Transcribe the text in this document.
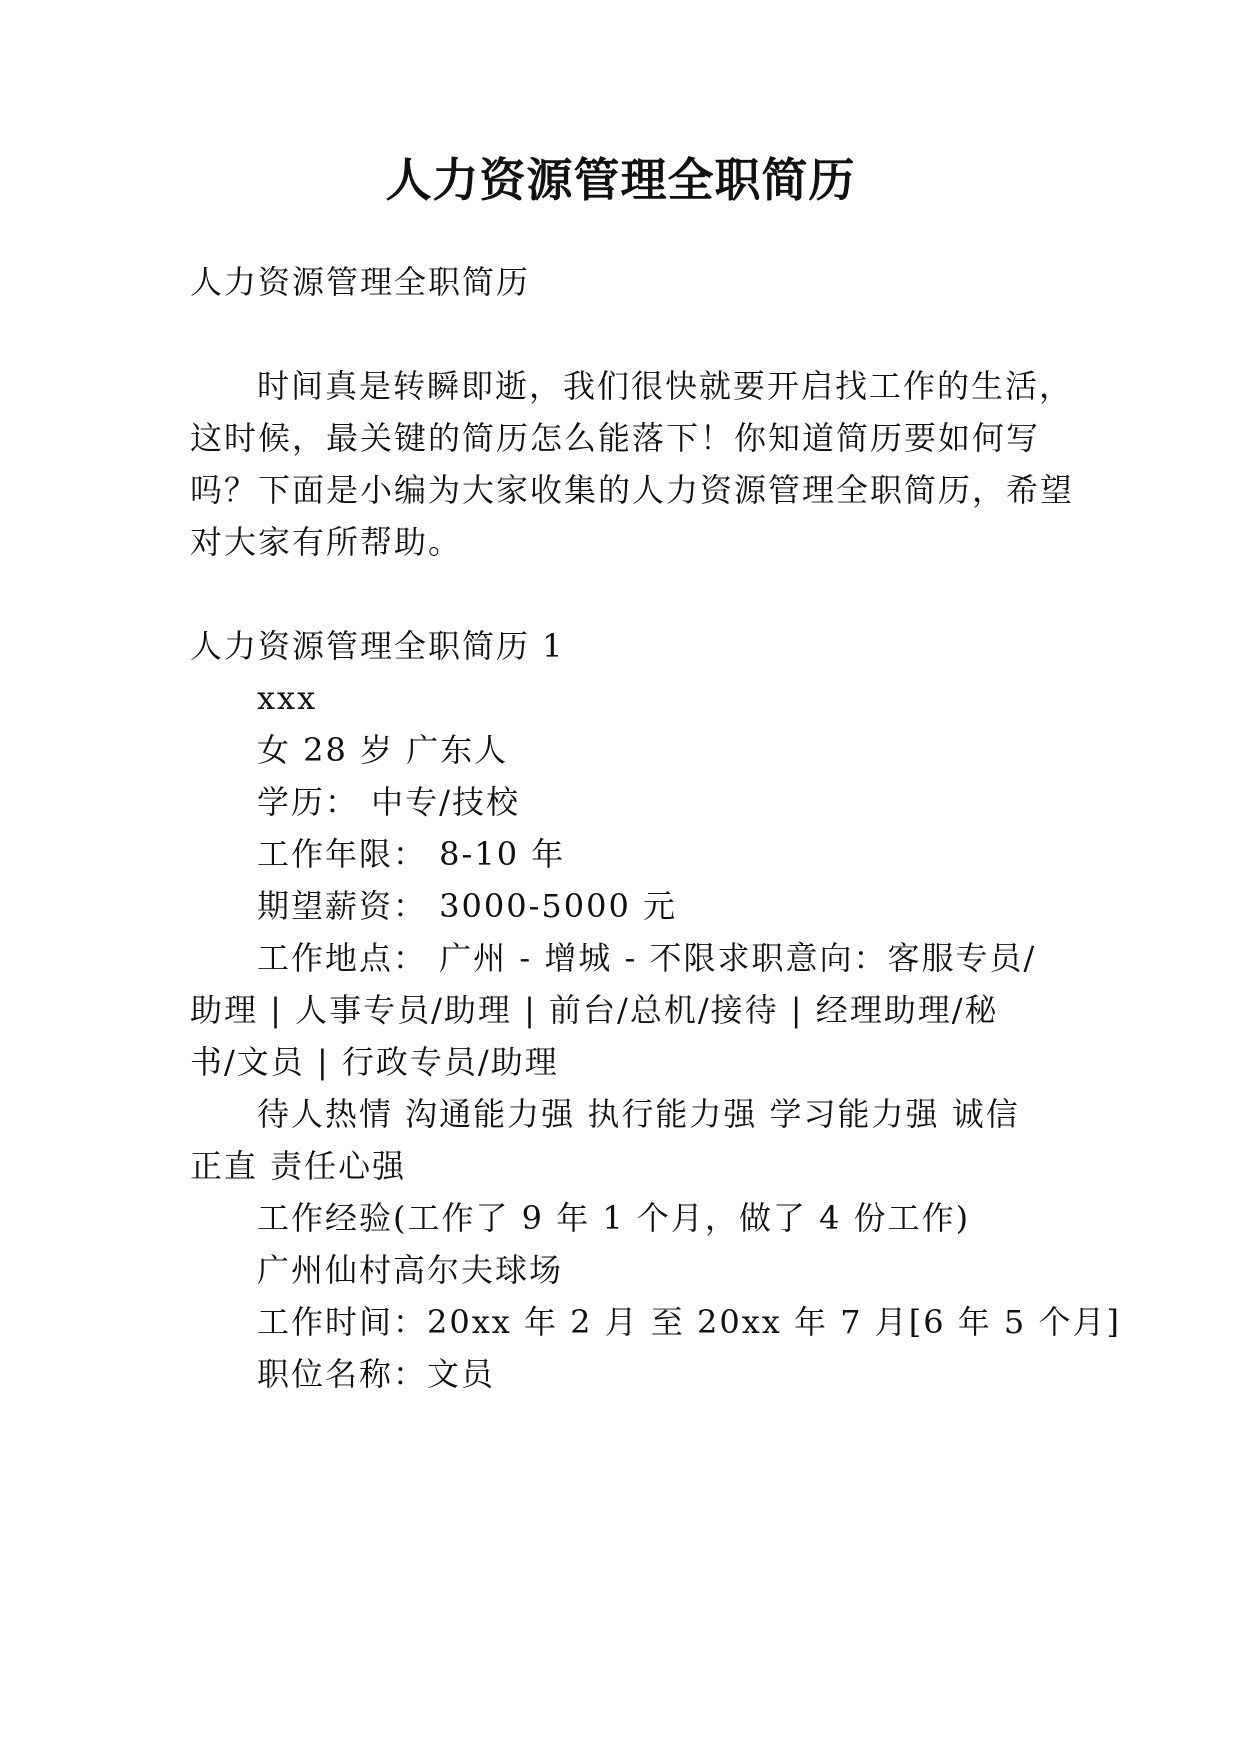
人力资源管理全职简历
人力资源管理全职简历
时间真是转瞬即逝，我们很快就要开启找工作的生活，
这时候，最关键的简历怎么能落下！你知道简历要如何写
吗？下面是小编为大家收集的人力资源管理全职简历，希望
对大家有所帮助。
人力资源管理全职简历 1
xxx
女 28 岁 广东人
学历： 中专/技校
工作年限： 8-10 年
期望薪资： 3000-5000 元
工作地点： 广州 - 增城 - 不限求职意向：客服专员/
助理 | 人事专员/助理 | 前台/总机/接待 | 经理助理/秘
书/文员 | 行政专员/助理
待人热情 沟通能力强 执行能力强 学习能力强 诚信
正直 责任心强
工作经验(工作了 9 年 1 个月，做了 4 份工作)
广州仙村高尔夫球场
工作时间：20xx 年 2 月 至 20xx 年 7 月[6 年 5 个月]
职位名称：文员
